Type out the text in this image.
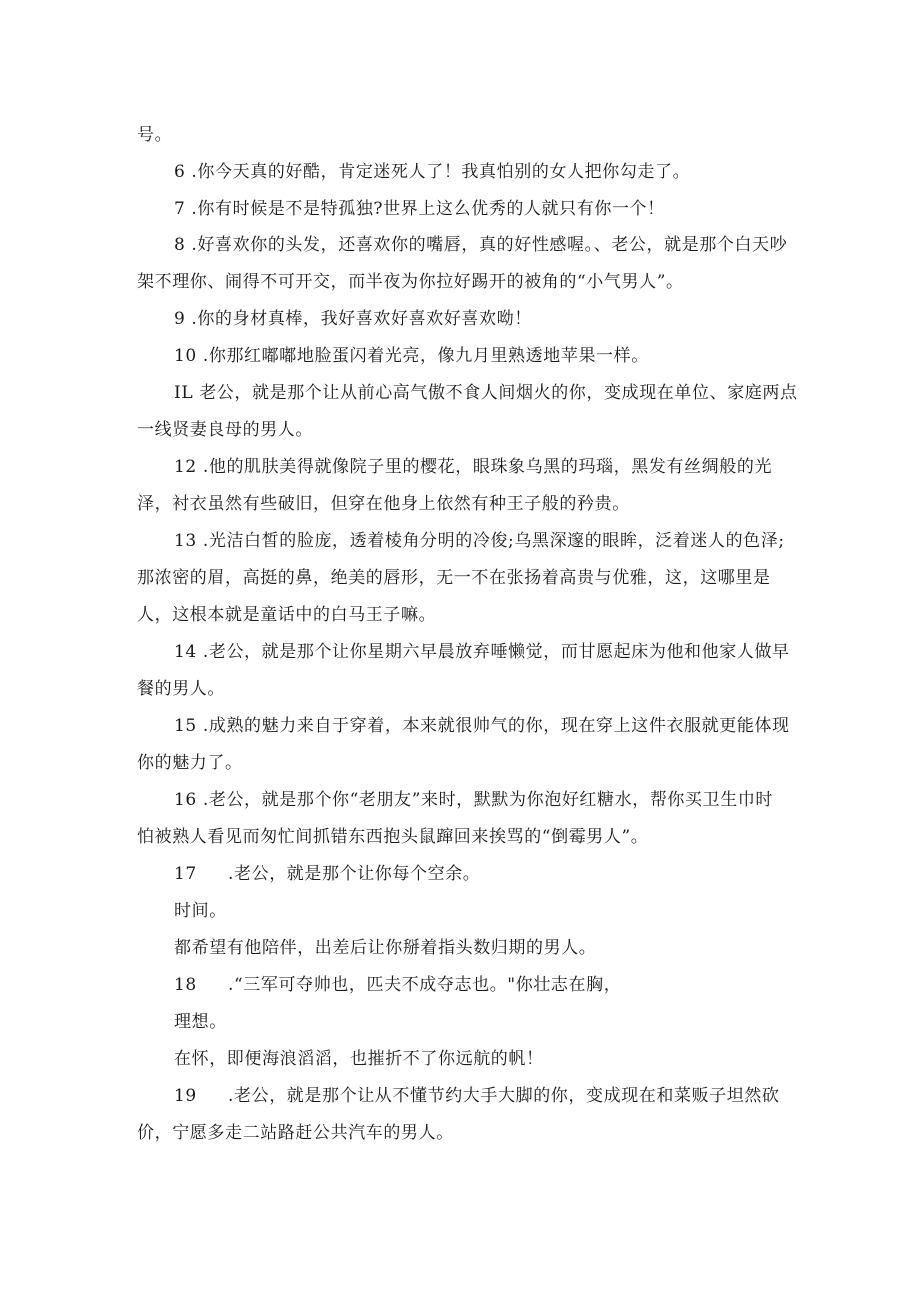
号。
6 .你今天真的好酷，肯定迷死人了！我真怕别的女人把你勾走了。
7 .你有时候是不是特孤独?世界上这么优秀的人就只有你一个！
8 .好喜欢你的头发，还喜欢你的嘴唇，真的好性感喔。、老公，就是那个白天吵
架不理你、闹得不可开交，而半夜为你拉好踢开的被角的“小气男人”。
9 .你的身材真棒，我好喜欢好喜欢好喜欢呦！
10 .你那红嘟嘟地脸蛋闪着光亮，像九月里熟透地苹果一样。
IL 老公，就是那个让从前心高气傲不食人间烟火的你，变成现在单位、家庭两点
一线贤妻良母的男人。
12 .他的肌肤美得就像院子里的樱花，眼珠象乌黑的玛瑙，黑发有丝绸般的光
泽，衬衣虽然有些破旧，但穿在他身上依然有种王子般的矜贵。
13 .光洁白皙的脸庞，透着棱角分明的冷俊;乌黑深邃的眼眸，泛着迷人的色泽;
那浓密的眉，高挺的鼻，绝美的唇形，无一不在张扬着高贵与优雅，这，这哪里是
人，这根本就是童话中的白马王子嘛。
14 .老公，就是那个让你星期六早晨放弃唾懒觉，而甘愿起床为他和他家人做早
餐的男人。
15 .成熟的魅力来自于穿着，本来就很帅气的你，现在穿上这件衣服就更能体现
你的魅力了。
16 .老公，就是那个你“老朋友”来时，默默为你泡好红糖水，帮你买卫生巾时
怕被熟人看见而匆忙间抓错东西抱头鼠蹿回来挨骂的“倒霉男人”。
17 .老公，就是那个让你每个空余。
时间。
都希望有他陪伴，出差后让你掰着指头数归期的男人。
18 .“三军可夺帅也，匹夫不成夺志也。"你壮志在胸，
理想。
在怀，即便海浪滔滔，也摧折不了你远航的帆！
19 .老公，就是那个让从不懂节约大手大脚的你，变成现在和菜贩子坦然砍
价，宁愿多走二站路赶公共汽车的男人。
